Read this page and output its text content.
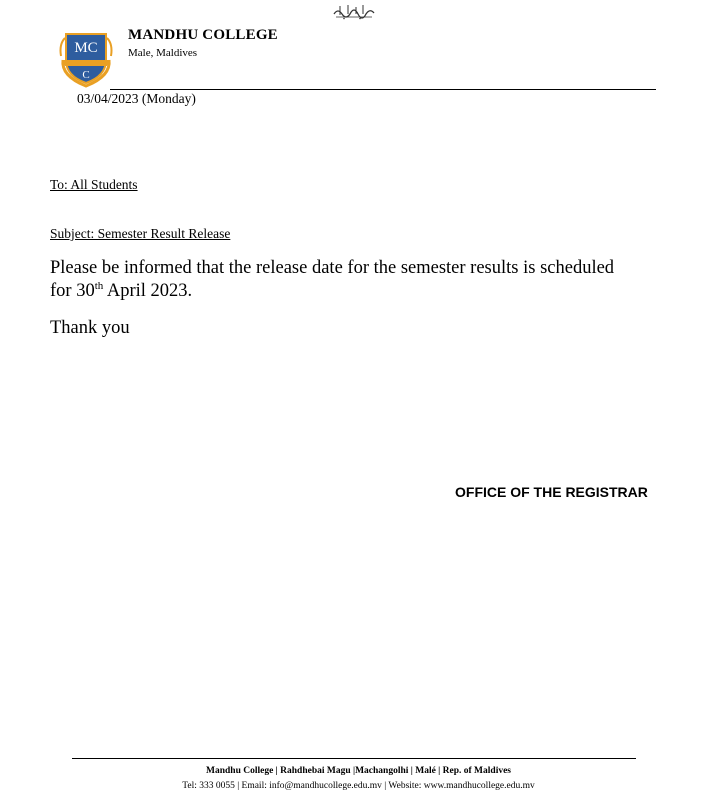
MC
C
MANDHU COLLEGE
Male, Maldives
03/04/2023 (Monday)
To: All Students
Subject: Semester Result Release

Please be informed that the release date for the semester results is scheduled
for 30th April 2023.

Thank you
OFFICE OF THE REGISTRAR
Mandhu College | Rahdhebai Magu |Machangolhi | Malé | Rep. of Maldives
Tel: 333 0055 | Email: info@mandhucollege.edu.mv | Website: www.mandhucollege.edu.mv
